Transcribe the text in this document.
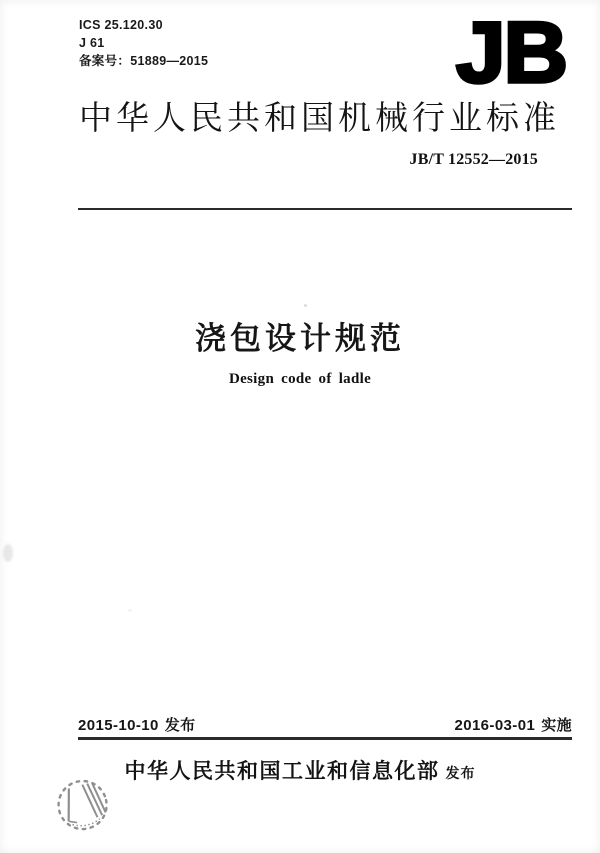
ICS 25.120.30
J 61
备案号：51889—2015	JB
中华人民共和国机械行业标准
JB/T 12552—2015
浇包设计规范
Design code of ladle
2015-10-10 发布	2016-03-01 实施
中华人民共和国工业和信息化部 发布
